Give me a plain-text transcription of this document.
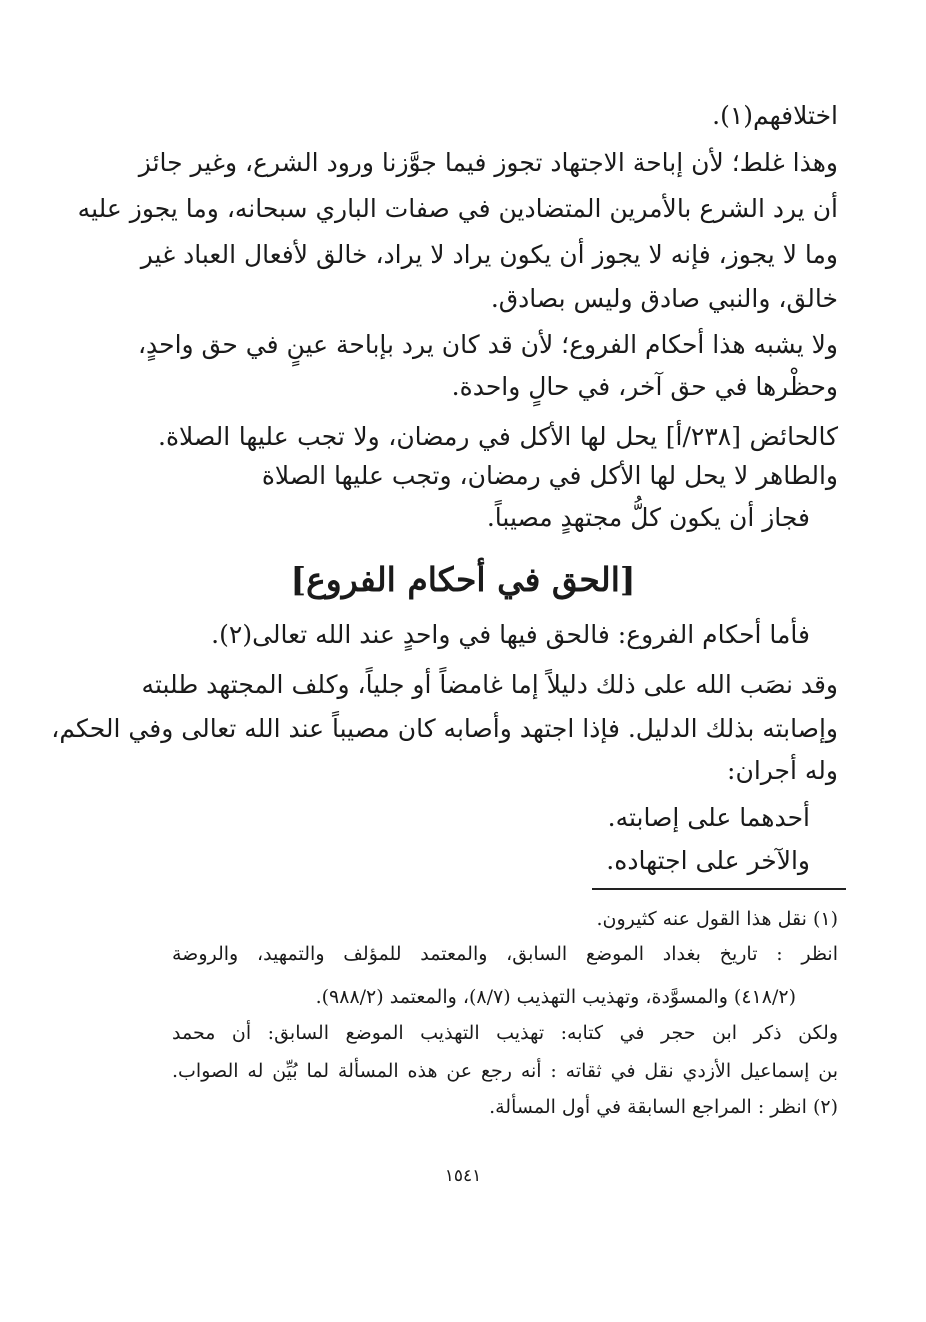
اختلافهم(١).
وهذا غلط؛ لأن إباحة الاجتهاد تجوز فيما جوَّزنا ورود الشرع، وغير جائز
أن يرد الشرع بالأمرين المتضادين في صفات الباري سبحانه، وما يجوز عليه
وما لا يجوز، فإنه لا يجوز أن يكون يراد لا يراد، خالق لأفعال العباد غير
خالق، والنبي صادق وليس بصادق.
ولا يشبه هذا أحكام الفروع؛ لأن قد كان يرد بإباحة عينٍ في حق واحدٍ،
وحظْرها في حق آخر، في حالٍ واحدة.
كالحائض [٢٣٨/أ] يحل لها الأكل في رمضان، ولا تجب عليها الصلاة.
والطاهر لا يحل لها الأكل في رمضان، وتجب عليها الصلاة
فجاز أن يكون كلُّ مجتهدٍ مصيباً.
[الحق في أحكام الفروع]
فأما أحكام الفروع: فالحق فيها في واحدٍ عند الله تعالى(٢).
وقد نصَب الله على ذلك دليلاً إما غامضاً أو جلياً، وكلف المجتهد طلبته
وإصابته بذلك الدليل. فإذا اجتهد وأصابه كان مصيباً عند الله تعالى وفي الحكم،
وله أجران:
أحدهما على إصابته.
والآخر على اجتهاده.
(١) نقل هذا القول عنه كثيرون.
انظر : تاريخ بغداد الموضع السابق، والمعتمد للمؤلف والتمهيد، والروضة
(٤١٨/٢) والمسوَّدة، وتهذيب التهذيب (٨/٧)، والمعتمد (٩٨٨/٢).
ولكن ذكر ابن حجر في كتابه: تهذيب التهذيب الموضع السابق: أن محمد
بن إسماعيل الأزدي نقل في ثقاته : أنه رجع عن هذه المسألة لما بُيِّن له الصواب.
(٢) انظر : المراجع السابقة في أول المسألة.
١٥٤١
